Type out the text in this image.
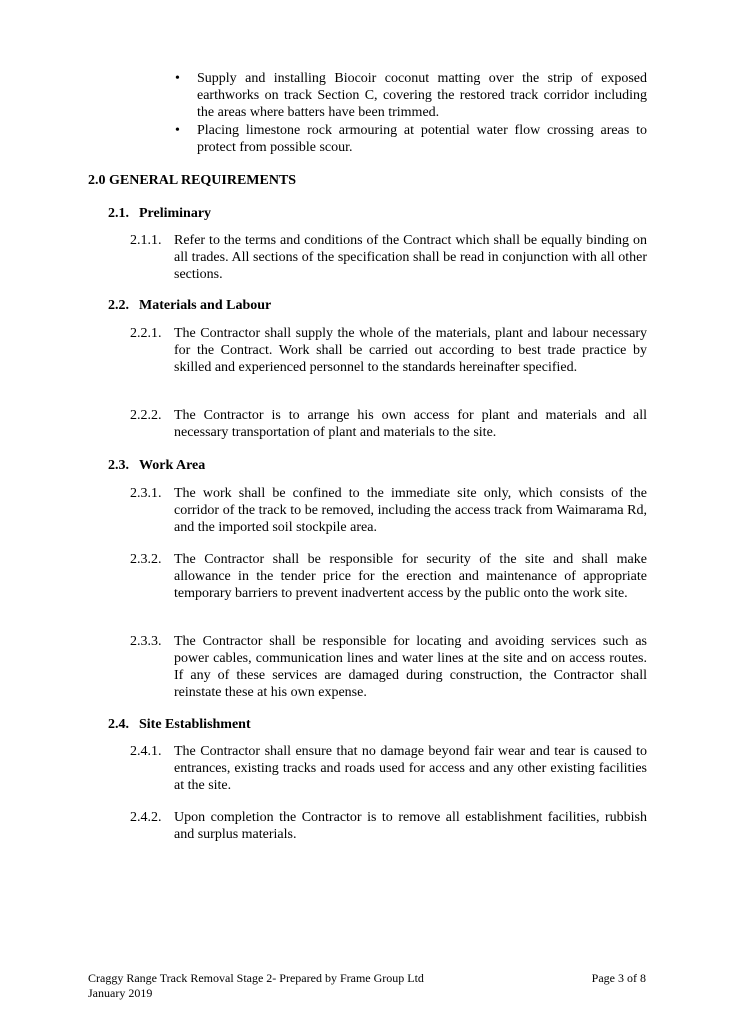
• Supply and installing Biocoir coconut matting over the strip of exposed earthworks on track Section C, covering the restored track corridor including the areas where batters have been trimmed.
• Placing limestone rock armouring at potential water flow crossing areas to protect from possible scour.
2.0 GENERAL REQUIREMENTS
2.1. Preliminary
2.1.1. Refer to the terms and conditions of the Contract which shall be equally binding on all trades. All sections of the specification shall be read in conjunction with all other sections.
2.2. Materials and Labour
2.2.1. The Contractor shall supply the whole of the materials, plant and labour necessary for the Contract. Work shall be carried out according to best trade practice by skilled and experienced personnel to the standards hereinafter specified.
2.2.2. The Contractor is to arrange his own access for plant and materials and all necessary transportation of plant and materials to the site.
2.3. Work Area
2.3.1. The work shall be confined to the immediate site only, which consists of the corridor of the track to be removed, including the access track from Waimarama Rd, and the imported soil stockpile area.
2.3.2. The Contractor shall be responsible for security of the site and shall make allowance in the tender price for the erection and maintenance of appropriate temporary barriers to prevent inadvertent access by the public onto the work site.
2.3.3. The Contractor shall be responsible for locating and avoiding services such as power cables, communication lines and water lines at the site and on access routes. If any of these services are damaged during construction, the Contractor shall reinstate these at his own expense.
2.4. Site Establishment
2.4.1. The Contractor shall ensure that no damage beyond fair wear and tear is caused to entrances, existing tracks and roads used for access and any other existing facilities at the site.
2.4.2. Upon completion the Contractor is to remove all establishment facilities, rubbish and surplus materials.
Page 3 of 8
Craggy Range Track Removal Stage 2- Prepared by Frame Group Ltd
January 2019
